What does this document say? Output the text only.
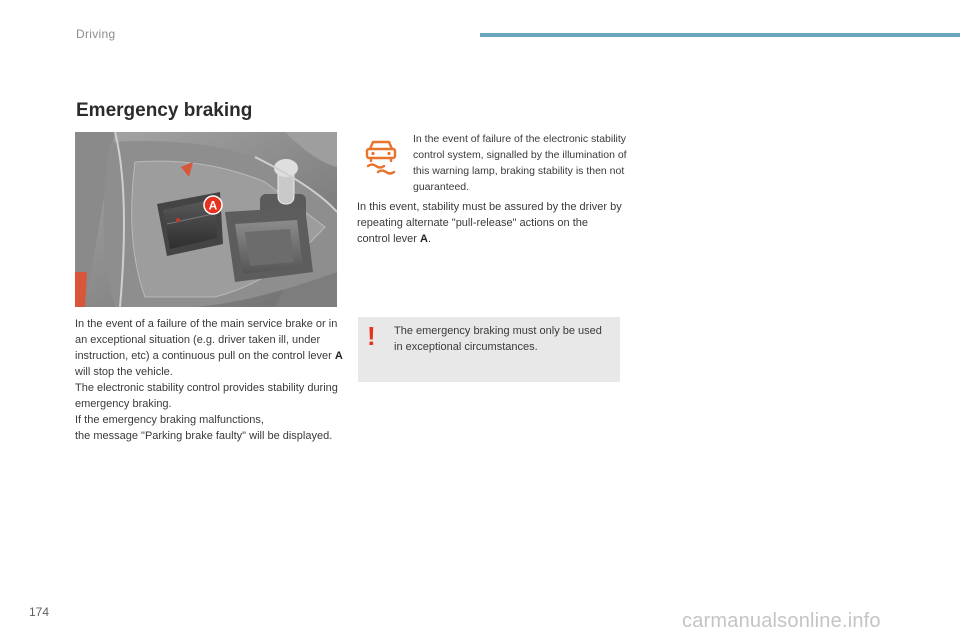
Driving
Emergency braking
A

In the event of a failure of the main service brake or in an exceptional situation (e.g. driver taken ill, under instruction, etc) a continuous pull on the control lever A will stop the vehicle.

The electronic stability control provides stability during emergency braking.

If the emergency braking malfunctions,

the message "Parking brake faulty" will be displayed.

In the event of failure of the electronic stability control system, signalled by the illumination of this warning lamp, braking stability is then not guaranteed.
In this event, stability must be assured by the driver by repeating alternate "pull-release" actions on the control lever A.
! The emergency braking must only be used in exceptional circumstances.
174	carmanualsonline.info
